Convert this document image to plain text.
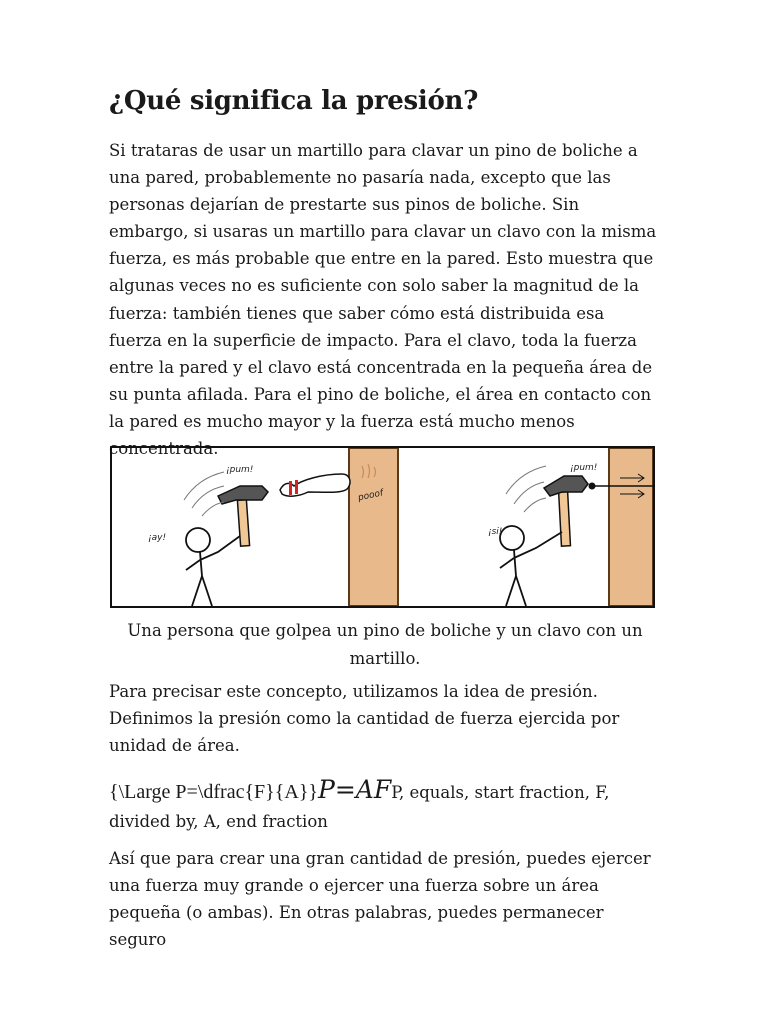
¿Qué significa la presión?

Si trataras de usar un martillo para clavar un pino de boliche a una pared, probablemente no pasaría nada, excepto que las personas dejarían de prestarte sus pinos de boliche. Sin embargo, si usaras un martillo para clavar un clavo con la misma fuerza, es más probable que entre en la pared. Esto muestra que algunas veces no es suficiente con solo saber la magnitud de la fuerza: también tienes que saber cómo está distribuida esa fuerza en la superficie de impacto. Para el clavo, toda la fuerza entre la pared y el clavo está concentrada en la pequeña área de su punta afilada. Para el pino de boliche, el área en contacto con la pared es mucho mayor y la fuerza está mucho menos concentrada.

¡pum!
¡ay!
pooof
¡pum!
¡si!

Una persona que golpea un pino de boliche y un clavo con un martillo.

Para precisar este concepto, utilizamos la idea de presión. Definimos la presión como la cantidad de fuerza ejercida por unidad de área.

{\Large P=\dfrac{F}{A}}P=AFP, equals, start fraction, F, divided by, A, end fraction

Así que para crear una gran cantidad de presión, puedes ejercer una fuerza muy grande o ejercer una fuerza sobre un área pequeña (o ambas). En otras palabras, puedes permanecer seguro
